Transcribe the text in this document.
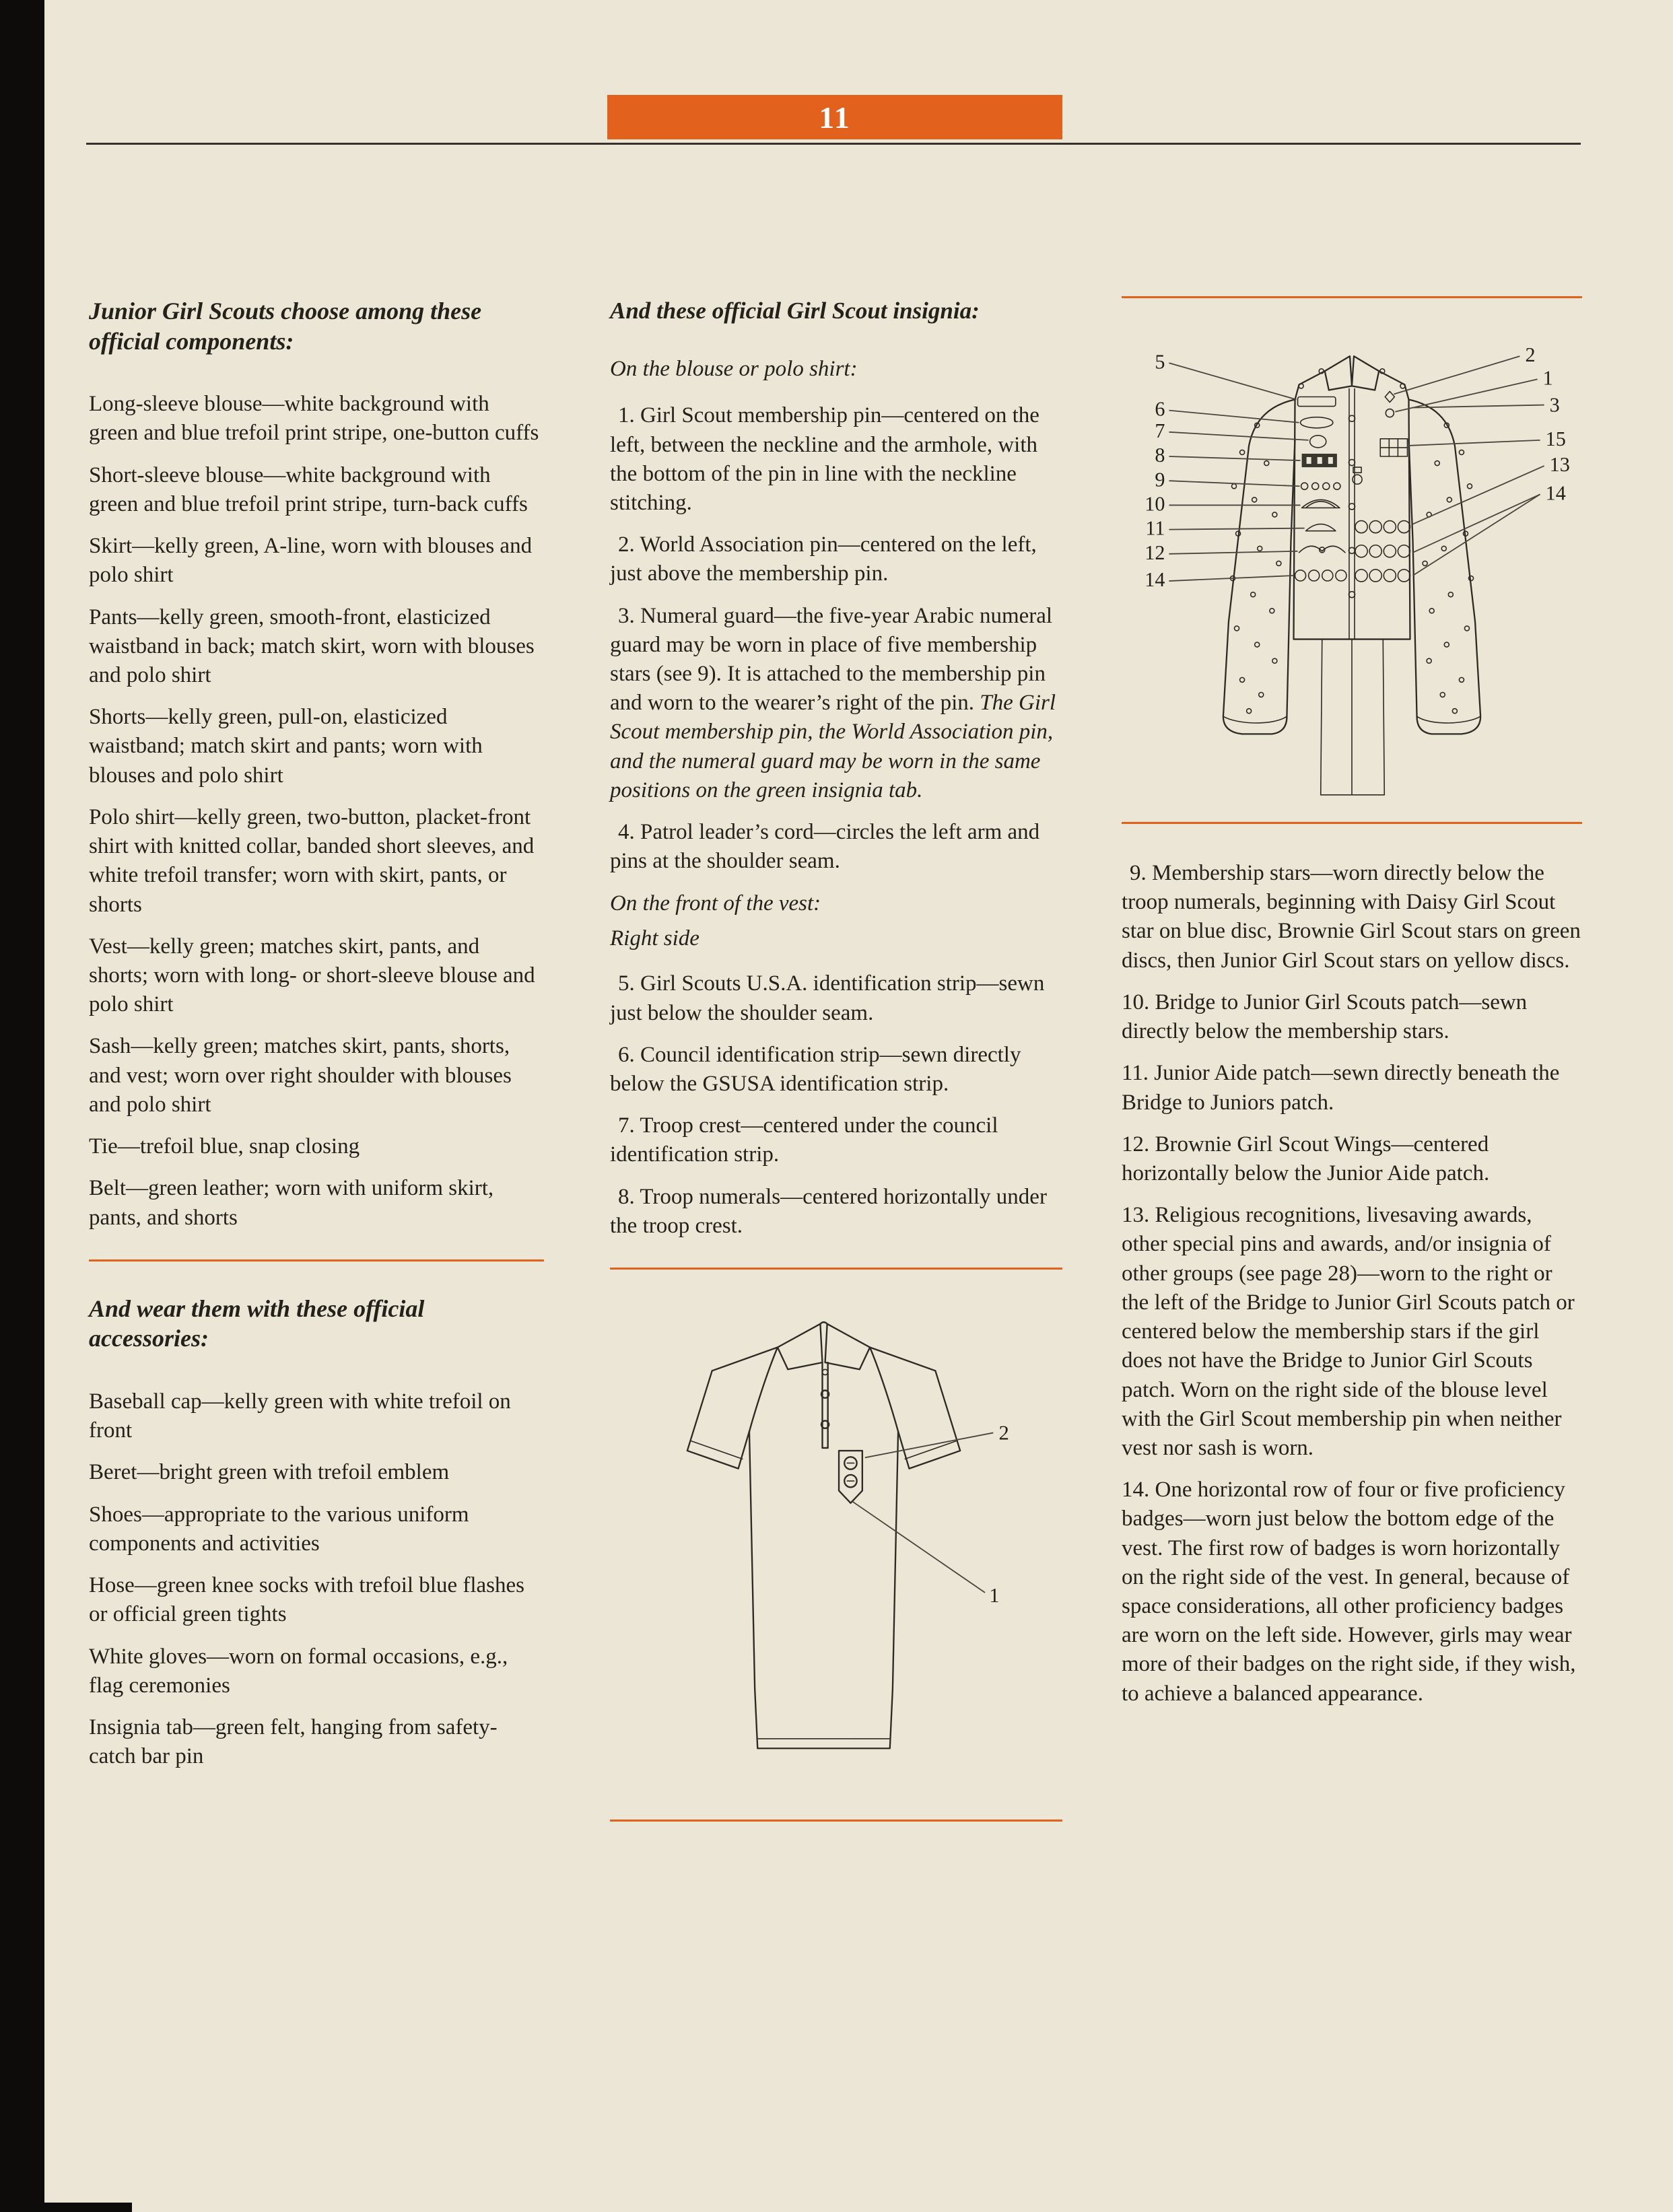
11
Junior Girl Scouts choose among these official components:

Long-sleeve blouse—white background with green and blue trefoil print stripe, one-button cuffs

Short-sleeve blouse—white background with green and blue trefoil print stripe, turn-back cuffs

Skirt—kelly green, A-line, worn with blouses and polo shirt

Pants—kelly green, smooth-front, elasticized waistband in back; match skirt, worn with blouses and polo shirt

Shorts—kelly green, pull-on, elasticized waistband; match skirt and pants; worn with blouses and polo shirt

Polo shirt—kelly green, two-button, placket-front shirt with knitted collar, banded short sleeves, and white trefoil transfer; worn with skirt, pants, or shorts

Vest—kelly green; matches skirt, pants, and shorts; worn with long- or short-sleeve blouse and polo shirt

Sash—kelly green; matches skirt, pants, shorts, and vest; worn over right shoulder with blouses and polo shirt

Tie—trefoil blue, snap closing

Belt—green leather; worn with uniform skirt, pants, and shorts

And wear them with these official accessories:

Baseball cap—kelly green with white trefoil on front

Beret—bright green with trefoil emblem

Shoes—appropriate to the various uniform components and activities

Hose—green knee socks with trefoil blue flashes or official green tights

White gloves—worn on formal occasions, e.g., flag ceremonies

Insignia tab—green felt, hanging from safety-catch bar pin

And these official Girl Scout insignia:

On the blouse or polo shirt:

1. Girl Scout membership pin—centered on the left, between the neckline and the armhole, with the bottom of the pin in line with the neckline stitching.

2. World Association pin—centered on the left, just above the membership pin.

3. Numeral guard—the five-year Arabic numeral guard may be worn in place of five membership stars (see 9). It is attached to the membership pin and worn to the wearer’s right of the pin. The Girl Scout membership pin, the World Association pin, and the numeral guard may be worn in the same positions on the green insignia tab.

4. Patrol leader’s cord—circles the left arm and pins at the shoulder seam.

On the front of the vest:

Right side

5. Girl Scouts U.S.A. identification strip—sewn just below the shoulder seam.

6. Council identification strip—sewn directly below the GSUSA identification strip.

7. Troop crest—centered under the council identification strip.

8. Troop numerals—centered horizontally under the troop crest.

2
1
5
6
7
8
9
10
11
12
14
2
1
3
15
13
14

9. Membership stars—worn directly below the troop numerals, beginning with Daisy Girl Scout star on blue disc, Brownie Girl Scout stars on green discs, then Junior Girl Scout stars on yellow discs.

10. Bridge to Junior Girl Scouts patch—sewn directly below the membership stars.

11. Junior Aide patch—sewn directly beneath the Bridge to Juniors patch.

12. Brownie Girl Scout Wings—centered horizontally below the Junior Aide patch.

13. Religious recognitions, livesaving awards, other special pins and awards, and/or insignia of other groups (see page 28)—worn to the right or the left of the Bridge to Junior Girl Scouts patch or centered below the membership stars if the girl does not have the Bridge to Junior Girl Scouts patch. Worn on the right side of the blouse level with the Girl Scout membership pin when neither vest nor sash is worn.

14. One horizontal row of four or five proficiency badges—worn just below the bottom edge of the vest. The first row of badges is worn horizontally on the right side of the vest. In general, because of space considerations, all other proficiency badges are worn on the left side. However, girls may wear more of their badges on the right side, if they wish, to achieve a balanced appearance.
